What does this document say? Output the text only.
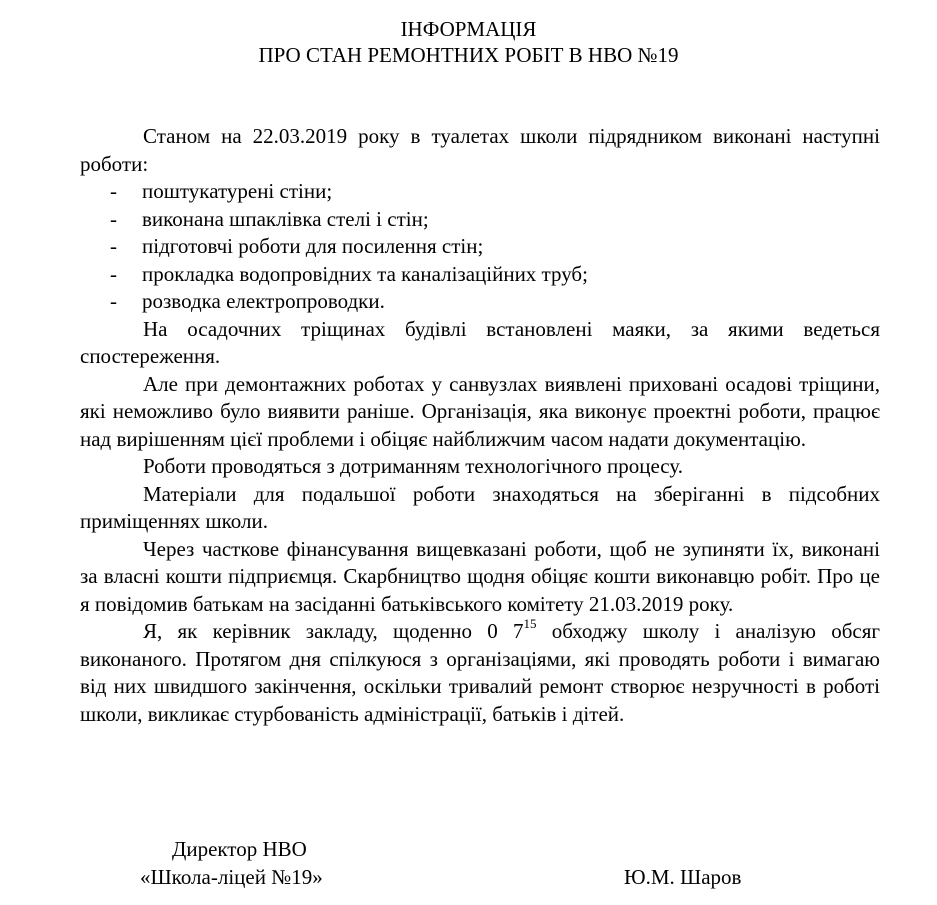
ІНФОРМАЦІЯ
ПРО СТАН РЕМОНТНИХ РОБІТ В НВО №19

Станом на 22.03.2019 року в туалетах школи підрядником виконані наступні роботи:

- поштукатурені стіни;
- виконана шпаклівка стелі і стін;
- підготовчі роботи для посилення стін;
- прокладка водопровідних та каналізаційних труб;
- розводка електропроводки.

На осадочних тріщинах будівлі встановлені маяки, за якими ведеться спостереження.

Але при демонтажних роботах у санвузлах виявлені приховані осадові тріщини, які неможливо було виявити раніше. Організація, яка виконує проектні роботи, працює над вирішенням цієї проблеми і обіцяє найближчим часом надати документацію.

Роботи проводяться з дотриманням технологічного процесу.

Матеріали для подальшої роботи знаходяться на зберіганні в підсобних приміщеннях школи.

Через часткове фінансування вищевказані роботи, щоб не зупиняти їх, виконані за власні кошти підприємця. Скарбництво щодня обіцяє кошти виконавцю робіт. Про це я повідомив батькам на засіданні батьківського комітету 21.03.2019 року.

Я, як керівник закладу, щоденно 0 $7^{15}$ обходжу школу і аналізую обсяг виконаного. Протягом дня спілкуюся з організаціями, які проводять роботи і вимагаю від них швидшого закінчення, оскільки тривалий ремонт створює незручності в роботі школи, викликає стурбованість адміністрації, батьків і дітей.

Директор НВО
«Школа-ліцей №19»	Ю.М. Шаров
